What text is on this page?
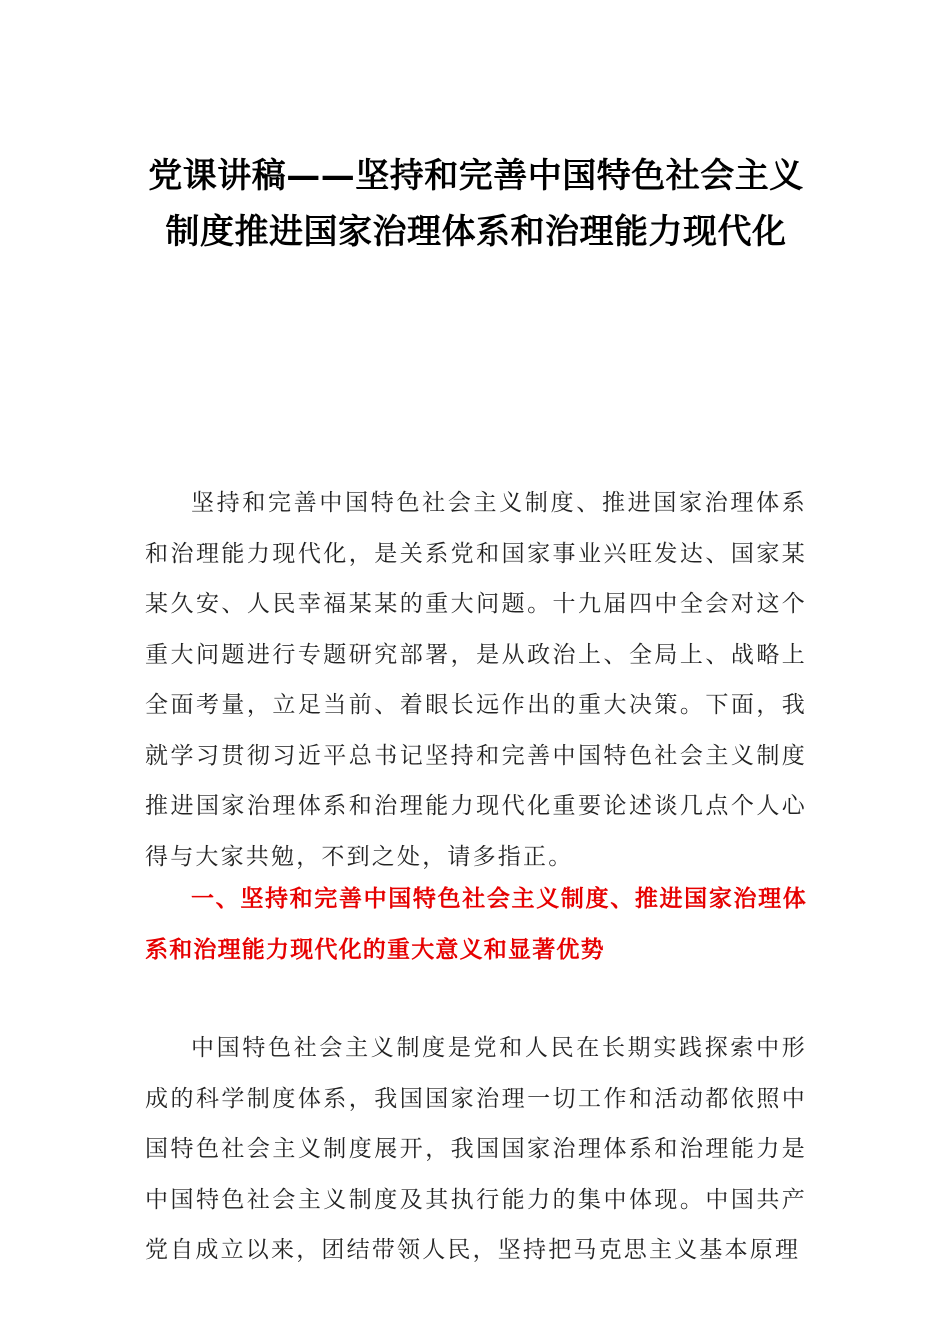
党课讲稿——坚持和完善中国特色社会主义制度推进国家治理体系和治理能力现代化

坚持和完善中国特色社会主义制度、推进国家治理体系和治理能力现代化，是关系党和国家事业兴旺发达、国家某某久安、人民幸福某某的重大问题。十九届四中全会对这个重大问题进行专题研究部署，是从政治上、全局上、战略上全面考量，立足当前、着眼长远作出的重大决策。下面，我就学习贯彻习近平总书记坚持和完善中国特色社会主义制度推进国家治理体系和治理能力现代化重要论述谈几点个人心得与大家共勉，不到之处，请多指正。

一、坚持和完善中国特色社会主义制度、推进国家治理体系和治理能力现代化的重大意义和显著优势

中国特色社会主义制度是党和人民在长期实践探索中形成的科学制度体系，我国国家治理一切工作和活动都依照中国特色社会主义制度展开，我国国家治理体系和治理能力是中国特色社会主义制度及其执行能力的集中体现。中国共产党自成立以来，团结带领人民，坚持把马克思主义基本原理
